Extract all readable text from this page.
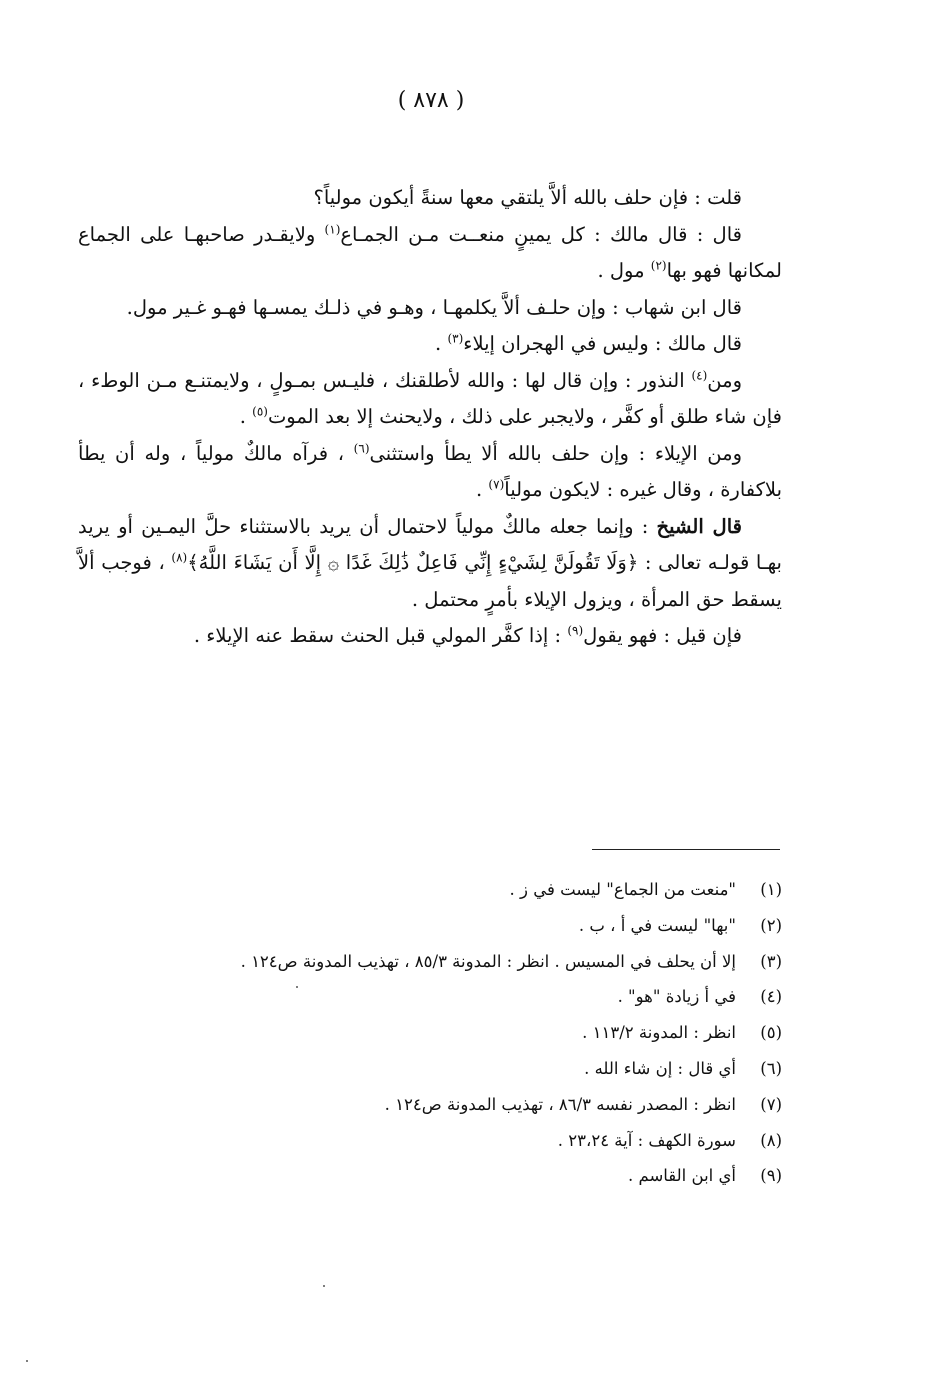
( ٨٧٨ )

قلت : فإن حلف بالله ألاَّ يلتقي معها سنةً أيكون مولياً؟

قال : قال مالك : كل يمينٍ منعــت مـن الجمـاع$^{(١)}$ ولايقـدر صاحبهـا على الجماع لمكانها فهو بها$^{(٢)}$ مول .

قال ابن شهاب : وإن حلـف ألاَّ يكلمهـا ، وهـو في ذلـك يمسـها فهـو غـير مول.

قال مالك : وليس في الهجران إيلاء$^{(٣)}$ .

ومن$^{(٤)}$ النذور : وإن قال لها : والله لأطلقنك ، فليـس بمـولٍ ، ولايمتنـع مـن الوطء ، فإن شاء طلق أو كفَّر ، ولايجبر على ذلك ، ولايحنث إلا بعد الموت$^{(٥)}$ .

ومن الإيلاء : وإن حلف بالله ألا يطأ واستثنى$^{(٦)}$ ، فرآه مالكٌ مولياً ، وله أن يطأ بلاكفارة ، وقال غيره : لايكون مولياً$^{(٧)}$ .

قال الشيخ : وإنما جعله مالكٌ مولياً لاحتمال أن يريد بالاستثناء حلَّ اليمـين أو يريد بهـا قولـه تعالى : ﴿وَلَا تَقُولَنَّ لِشَيْءٍ إِنِّي فَاعِلٌ ذَٰلِكَ غَدًا ۞ إِلَّا أَن يَشَاءَ اللَّهُ﴾$^{(٨)}$ ، فوجب ألاَّ يسقط حق المرأة ، ويزول الإيلاء بأمرٍ محتمل .

فإن قيل : فهو يقول$^{(٩)}$ : إذا كفَّر المولي قبل الحنث سقط عنه الإيلاء .

(١)
"منعت من الجماع" ليست في ز .
(٢)
"بها" ليست في أ ، ب .
(٣)
إلا أن يحلف في المسيس . انظر : المدونة ٨٥/٣ ، تهذيب المدونة ص١٢٤ .
(٤)
في أ زيادة "هو" .
(٥)
انظر : المدونة ١١٣/٢ .
(٦)
أي قال : إن شاء الله .
(٧)
انظر : المصدر نفسه ٨٦/٣ ، تهذيب المدونة ص١٢٤ .
(٨)
سورة الكهف : آية ٢٣،٢٤ .
(٩)
أي ابن القاسم .
